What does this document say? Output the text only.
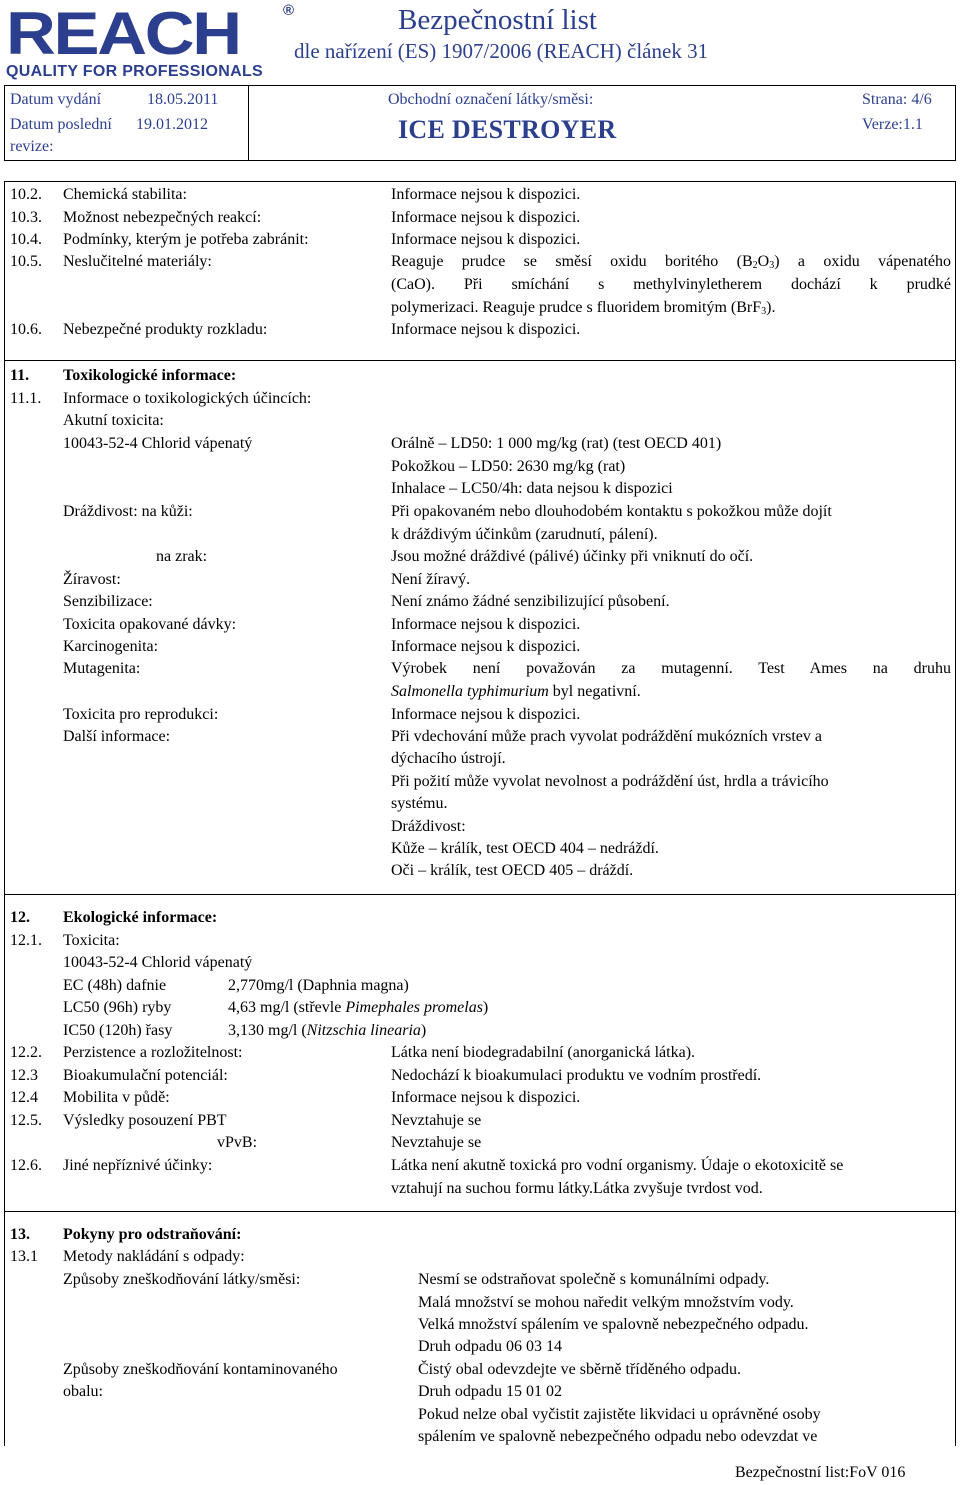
REACH	®
QUALITY FOR PROFESSIONALS
Bezpečnostní list
dle nařízení (ES) 1907/2006 (REACH) článek 31
Datum vydání	18.05.2011	Obchodní označení látky/směsi:	Strana: 4/6
Datum poslední 19.01.2012
revize:
ICE DESTROYER	Verze:1.1
10.2. Chemická stabilita:	Informace nejsou k dispozici.
10.3. Možnost nebezpečných reakcí:	Informace nejsou k dispozici.
10.4. Podmínky, kterým je potřeba zabránit:	Informace nejsou k dispozici.
10.5. Neslučitelné materiály:	Reaguje prudce se směsí oxidu boritého $(B_2O_3)$ a oxidu vápenatého
(CaO). Při smíchání s methylvinyletherem dochází k prudké
polymerizaci. Reaguje prudce s fluoridem bromitým (BrF$_3$).
10.6. Nebezpečné produkty rozkladu:	Informace nejsou k dispozici.
11. Toxikologické informace:
11.1. Informace o toxikologických účincích:
Akutní toxicita:
10043-52-4 Chlorid vápenatý	Orálně – LD50: 1 000 mg/kg (rat) (test OECD 401)
Pokožkou – LD50: 2630 mg/kg (rat)
Inhalace – LC50/4h: data nejsou k dispozici
Dráždivost: na kůži:	Při opakovaném nebo dlouhodobém kontaktu s pokožkou může dojít
k dráždivým účinkům (zarudnutí, pálení).
na zrak:	Jsou možné dráždivé (pálivé) účinky při vniknutí do očí.
Žíravost:	Není žíravý.
Senzibilizace:	Není známo žádné senzibilizující působení.
Toxicita opakované dávky:	Informace nejsou k dispozici.
Karcinogenita:	Informace nejsou k dispozici.
Mutagenita:	Výrobek není považován za mutagenní. Test Ames na druhu
Salmonella typhimurium byl negativní.
Toxicita pro reprodukci:	Informace nejsou k dispozici.
Další informace:	Při vdechování může prach vyvolat podráždění mukózních vrstev a
dýchacího ústrojí.
Při požití může vyvolat nevolnost a podráždění úst, hrdla a trávicího
systému.
Dráždivost:
Kůže – králík, test OECD 404 – nedráždí.
Oči – králík, test OECD 405 – dráždí.
12. Ekologické informace:
12.1. Toxicita:
10043-52-4 Chlorid vápenatý
EC (48h) dafnie	2,770mg/l (Daphnia magna)
LC50 (96h) ryby	4,63 mg/l (střevle Pimephales promelas)
IC50 (120h) řasy	3,130 mg/l (Nitzschia linearia)
12.2. Perzistence a rozložitelnost:	Látka není biodegradabilní (anorganická látka).
12.3 Bioakumulační potenciál:	Nedochází k bioakumulaci produktu ve vodním prostředí.
12.4 Mobilita v půdě:	Informace nejsou k dispozici.
12.5. Výsledky posouzení PBT	Nevztahuje se
vPvB:	Nevztahuje se
12.6. Jiné nepříznivé účinky:	Látka není akutně toxická pro vodní organismy. Údaje o ekotoxicitě se
vztahují na suchou formu látky.Látka zvyšuje tvrdost vod.
13. Pokyny pro odstraňování:
13.1 Metody nakládání s odpady:
Způsoby zneškodňování látky/směsi:	Nesmí se odstraňovat společně s komunálními odpady.
Malá množství se mohou naředit velkým množstvím vody.
Velká množství spálením ve spalovně nebezpečného odpadu.
Druh odpadu 06 03 14
Způsoby zneškodňování kontaminovaného
obalu:
Čistý obal odevzdejte ve sběrně tříděného odpadu.
Druh odpadu 15 01 02
Pokud nelze obal vyčistit zajistěte likvidaci u oprávněné osoby
spálením ve spalovně nebezpečného odpadu nebo odevzdat ve
Bezpečnostní list:FoV 016
